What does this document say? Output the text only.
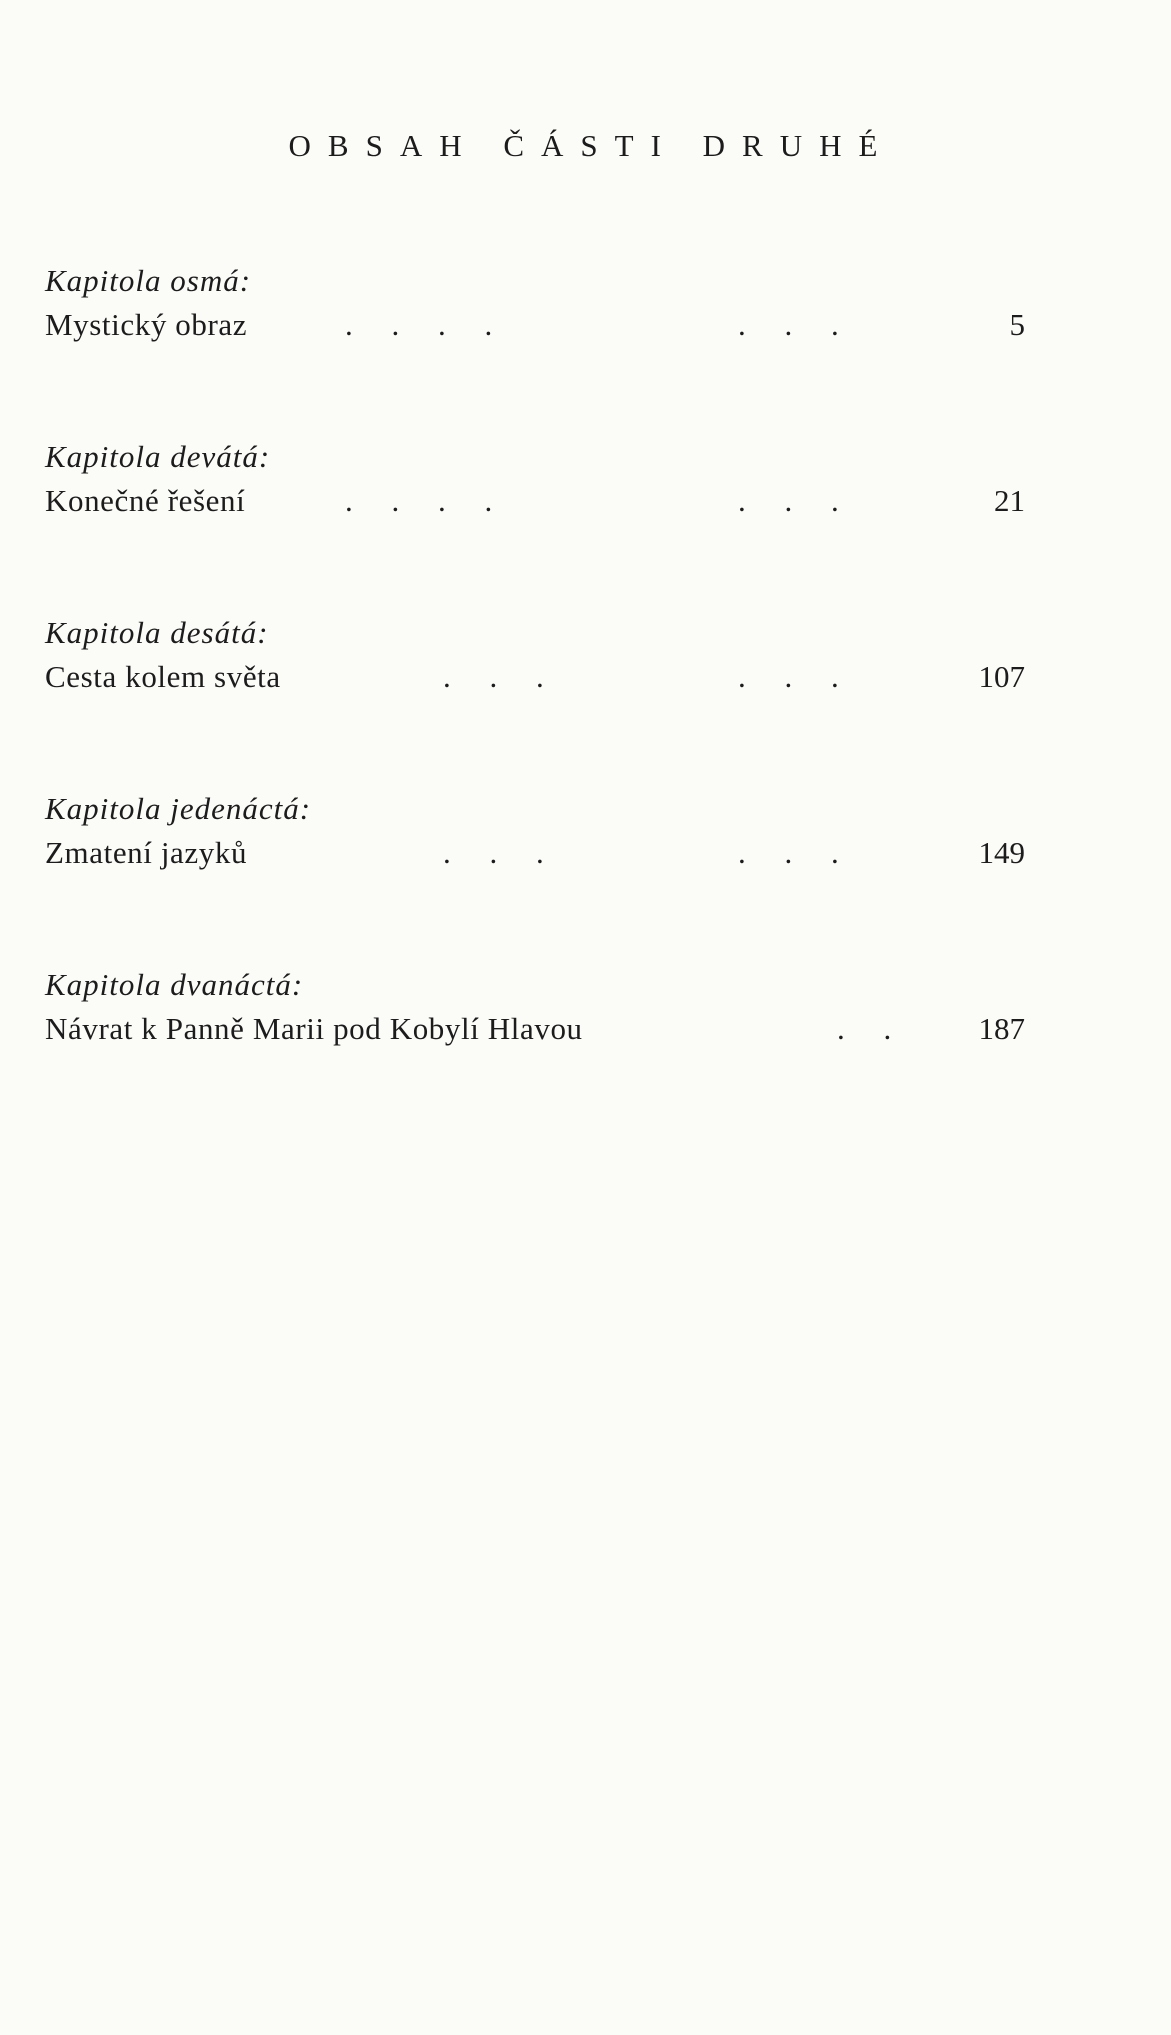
OBSAH ČÁSTI DRUHÉ
Kapitola osmá:
Mystický obraz	.     .     .     .	.     .     .	5
Kapitola devátá:
Konečné řešení	.     .     .     .	.     .     .	21
Kapitola desátá:
Cesta kolem světa	.     .     .	.     .     .	107
Kapitola jedenáctá:
Zmatení jazyků	.     .     .	.     .     .	149
Kapitola dvanáctá:
Návrat k Panně Marii pod Kobylí Hlavou	.     .	187
